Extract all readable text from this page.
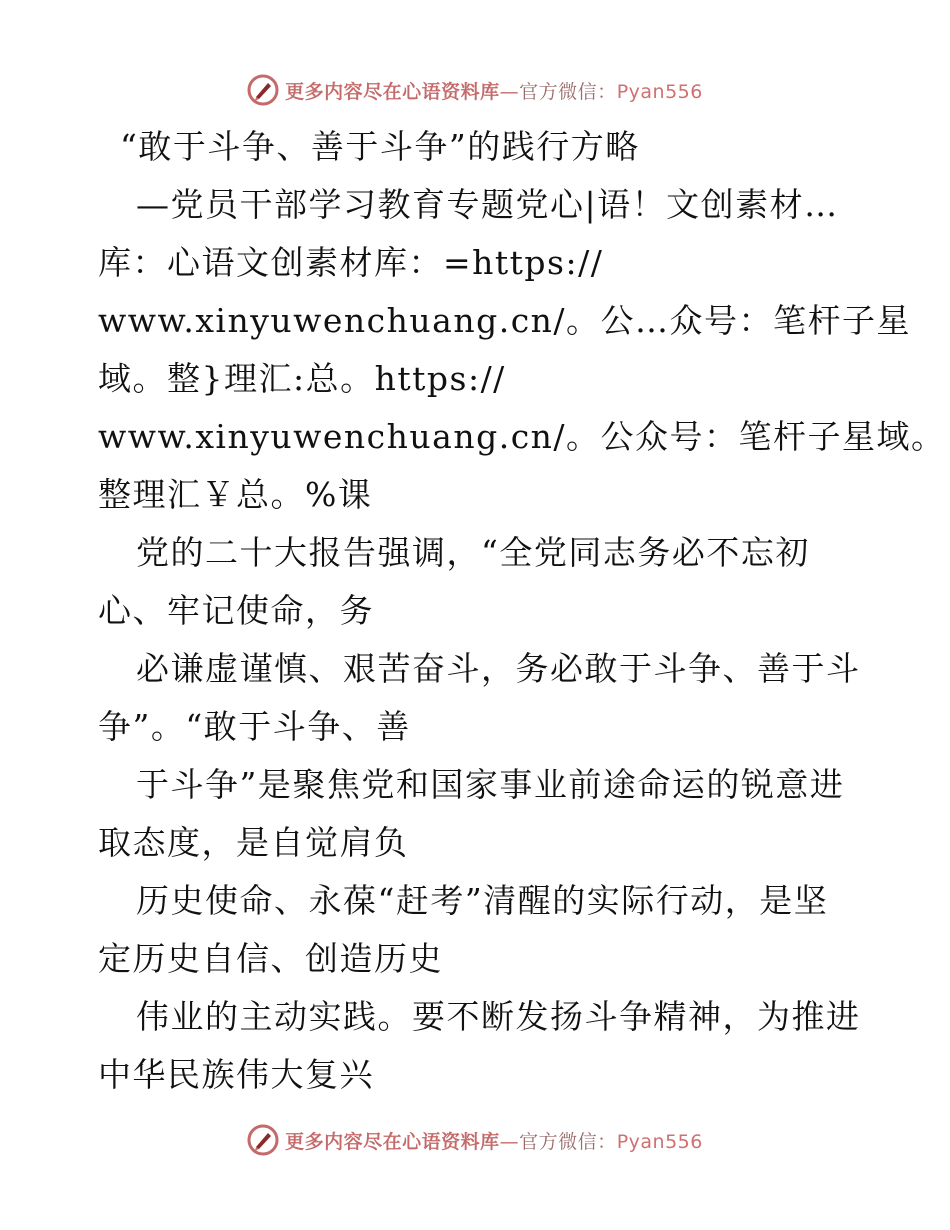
更多内容尽在心语资料库—官方微信：Pyan556
“敢于斗争、善于斗争”的践行方略
—党员干部学习教育专题党心|语！文创素材…
库：心语文创素材库：=https://
www.xinyuwenchuang.cn/。公…众号：笔杆子星
域。整}理汇:总。https://
www.xinyuwenchuang.cn/。公众号：笔杆子星域。
整理汇￥总。%课
党的二十大报告强调，“全党同志务必不忘初
心、牢记使命，务
必谦虚谨慎、艰苦奋斗，务必敢于斗争、善于斗
争”。“敢于斗争、善
于斗争”是聚焦党和国家事业前途命运的锐意进
取态度，是自觉肩负
历史使命、永葆“赶考”清醒的实际行动，是坚
定历史自信、创造历史
伟业的主动实践。要不断发扬斗争精神，为推进
中华民族伟大复兴
更多内容尽在心语资料库—官方微信：Pyan556
